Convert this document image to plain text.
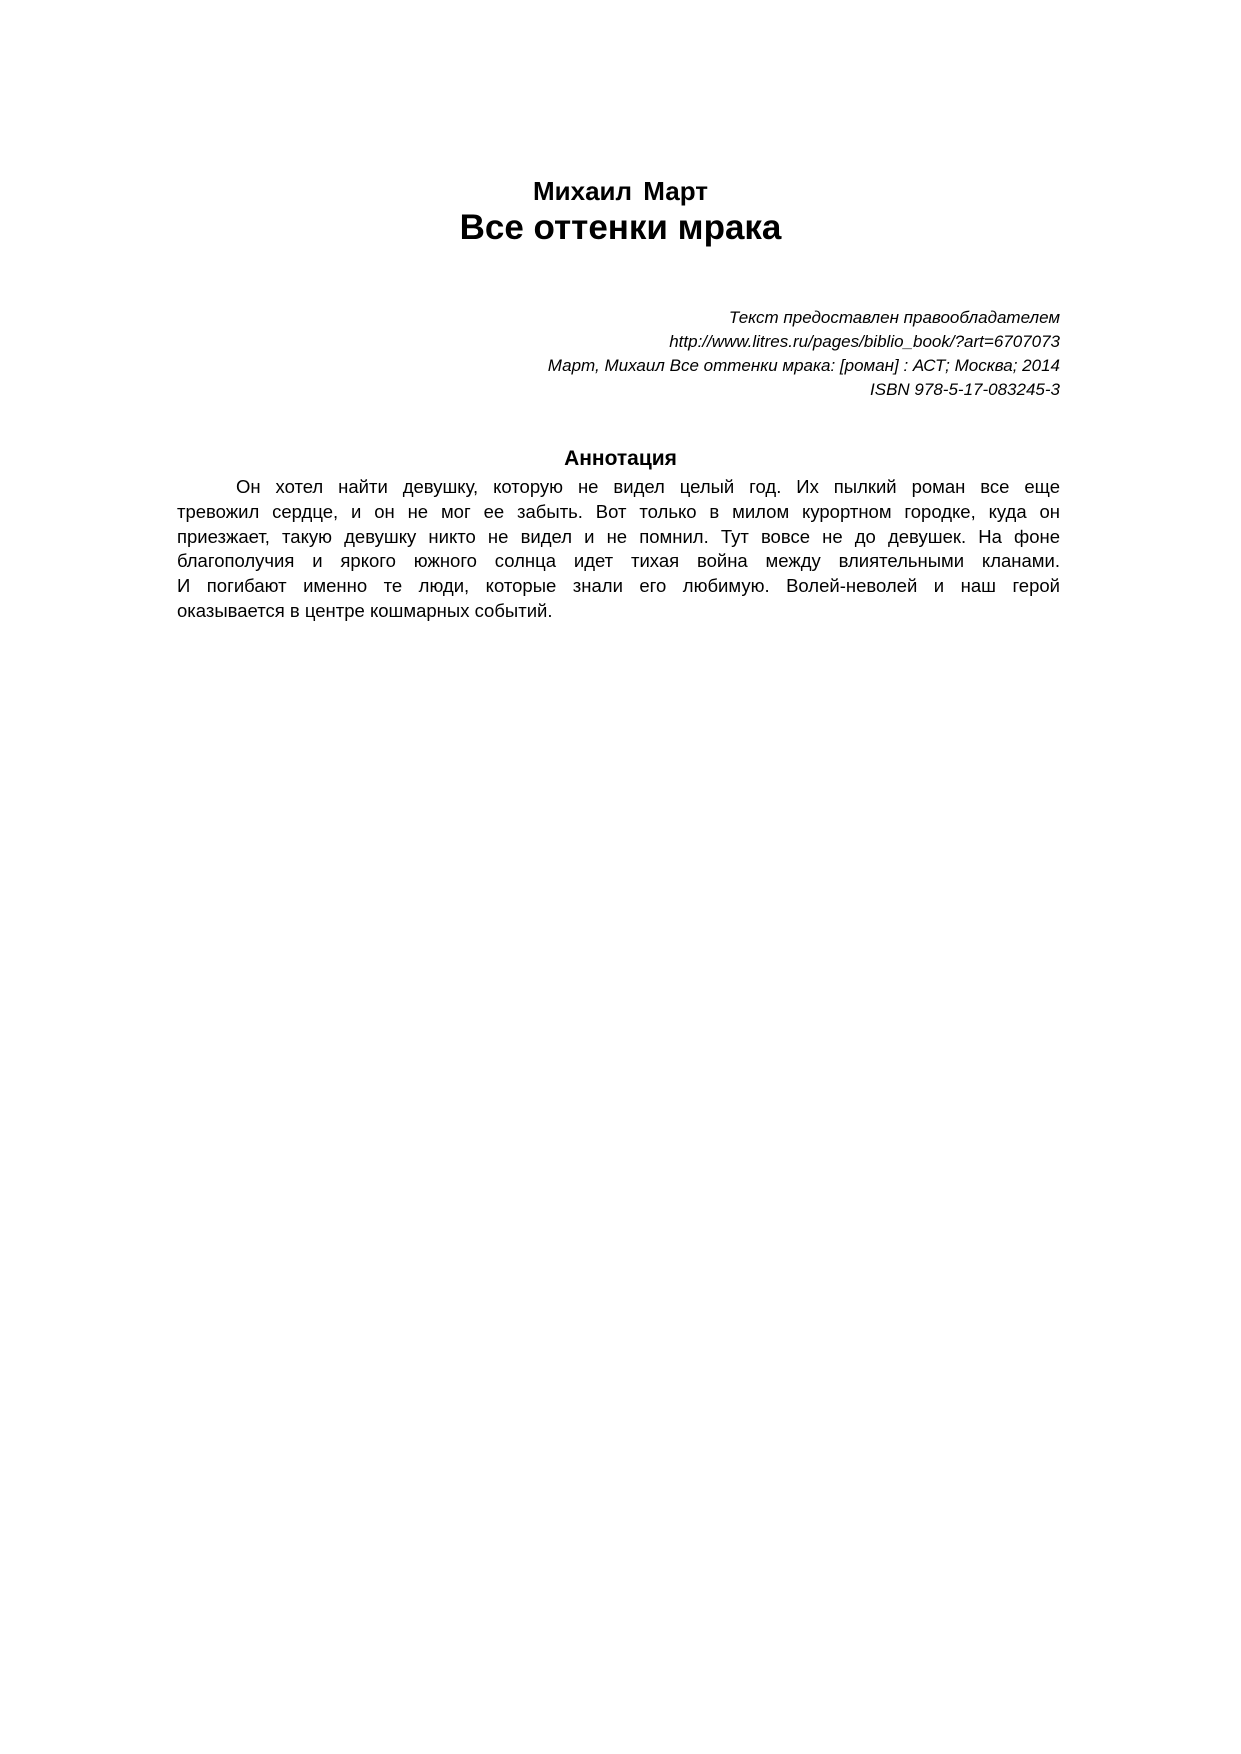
Михаил Март
Все оттенки мрака
Текст предоставлен правообладателем
http://www.litres.ru/pages/biblio_book/?art=6707073
Март, Михаил Все оттенки мрака: [роман] : АСТ; Москва; 2014
ISBN 978-5-17-083245-3
Аннотация
Он хотел найти девушку, которую не видел целый год. Их пылкий роман все еще
тревожил сердце, и он не мог ее забыть. Вот только в милом курортном городке, куда он
приезжает, такую девушку никто не видел и не помнил. Тут вовсе не до девушек. На фоне
благополучия и яркого южного солнца идет тихая война между влиятельными кланами.
И погибают именно те люди, которые знали его любимую. Волей-неволей и наш герой
оказывается в центре кошмарных событий.
